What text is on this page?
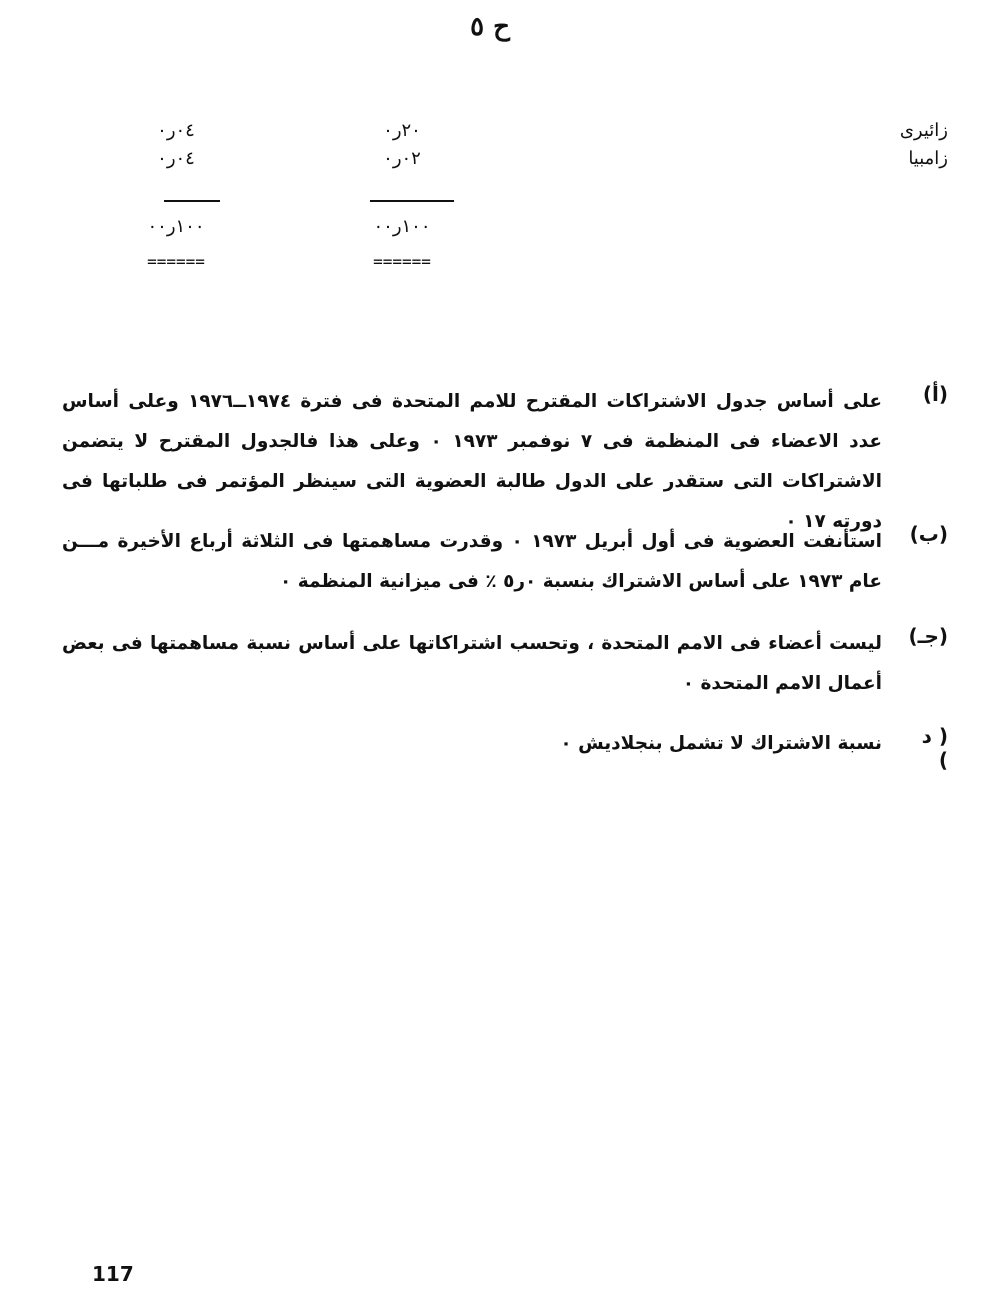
ح ٥
زائيرى
زامبيا
٢٠ر٠
٠٢ر٠
٠٤ر٠
٠٤ر٠
١٠٠ر٠٠
١٠٠ر٠٠
======
======
(أ)
على أساس جدول الاشتراكات المقترح للامم المتحدة فى فترة ١٩٧٤ــ١٩٧٦ وعلى أساس عدد الاعضاء فى المنظمة فى ٧ نوفمبر ١٩٧٣ ٠ وعلى هذا فالجدول المقترح لا يتضمن الاشتراكات التى ستقدر على الدول طالبة العضوية التى سينظر المؤتمر فى طلباتها فى دورته ١٧ ٠
(ب)
استأنفت العضوية فى أول أبريل ١٩٧٣ ٠ وقدرت مساهمتها فى الثلاثة أرباع الأخيرة مـــن عام ١٩٧٣ على أساس الاشتراك بنسبة ٠ر٥ ٪ فى ميزانية المنظمة ٠
(جـ)
ليست أعضاء فى الامم المتحدة ، وتحسب اشتراكاتها على أساس نسبة مساهمتها فى بعض أعمال الامم المتحدة ٠
( د )
نسبة الاشتراك لا تشمل بنجلاديش ٠
117
